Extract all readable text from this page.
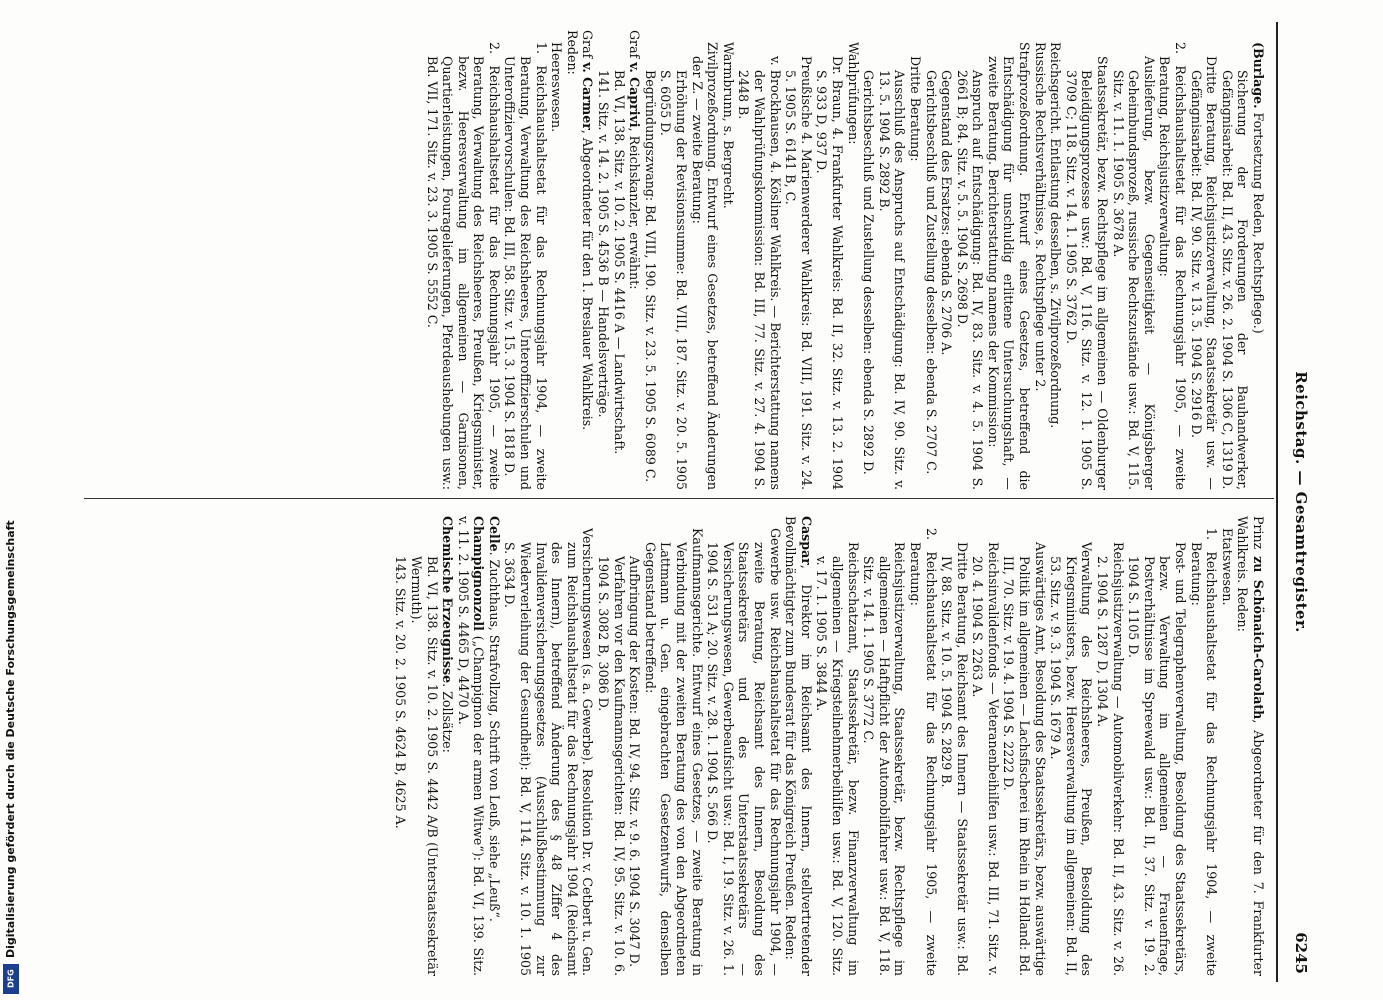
Reichstag. — Gesamtregister.
6245

(Burlage. Fortsetzung Reden, Rechtspflege.)

Sicherung der Forderungen der Bauhandwerker, Gefängnisarbeit: Bd. II, 43. Sitz. v. 26. 2. 1904 S. 1306 C, 1319 D.

Dritte Beratung, Reichsjustizverwaltung, Staatssekretär usw. — Gefängnisarbeit: Bd. IV, 90. Sitz. v. 13. 5. 1904 S. 2916 D.

2. Reichshaushaltsetat für das Rechnungsjahr 1905, — zweite Beratung, Reichsjustizverwaltung:

Auslieferung, bezw. Gegenseitigkeit — Königsberger Geheimbundsprozeß, russische Rechtszustände usw.: Bd. V, 115. Sitz. v. 11. 1. 1905 S. 3678 A.

Staatssekretär, bezw. Rechtspflege im allgemeinen — Oldenburger Beleidigungsprozesse usw.: Bd. V, 116. Sitz. v. 12. 1. 1905 S. 3709 C; 118. Sitz. v. 14. 1. 1905 S. 3762 D.

Reichsgericht. Entlastung desselben, s. Zivilprozeßordnung.

Russische Rechtsverhältnisse, s. Rechtspflege unter 2.

Strafprozeßordnung. Entwurf eines Gesetzes, betreffend die Entschädigung für unschuldig erlittene Untersuchungshaft, — zweite Beratung. Berichterstattung namens der Kommission:

Anspruch auf Entschädigung: Bd. IV, 83. Sitz. v. 4. 5. 1904 S. 2661 B; 84. Sitz. v. 5. 5. 1904 S. 2698 D.

Gegenstand des Ersatzes: ebenda S. 2706 A.

Gerichtsbeschluß und Zustellung desselben: ebenda S. 2707 C.

Dritte Beratung:

Ausschluß des Anspruchs auf Entschädigung: Bd. IV, 90. Sitz. v. 13. 5. 1904 S. 2892 B.

Gerichtsbeschluß und Zustellung desselben: ebenda S. 2892 D.

Wahlprüfungen:

Dr. Braun, 4. Frankfurter Wahlkreis: Bd. II, 32. Sitz. v. 13. 2. 1904 S. 933 D, 937 D.

Preußische 4. Marienwerderer Wahlkreis: Bd. VIII, 191. Sitz. v. 24. 5. 1905 S. 6141 B, C.

v. Brockhausen, 4. Kösliner Wahlkreis. — Berichterstattung namens der Wahlprüfungskommission: Bd. III, 77. Sitz. v. 27. 4. 1904 S. 2448 B.

Warmbrunn, s. Bergrecht.

Zivilprozeßordnung. Entwurf eines Gesetzes, betreffend Änderungen der Z. — zweite Beratung:

Erhöhung der Revisionssumme: Bd. VIII, 187. Sitz. v. 20. 5. 1905 S. 6055 D.

Begründungszwang: Bd. VIII, 190. Sitz. v. 23. 5. 1905 S. 6089 C.

Graf v. Caprivi, Reichskanzler, erwähnt:

Bd. VI, 138. Sitz. v. 10. 2. 1905 S. 4416 A — Landwirtschaft.

141. Sitz. v. 14. 2. 1905 S. 4536 B — Handelsverträge.

Graf v. Carmer, Abgeordneter für den 1. Breslauer Wahlkreis.

Reden:

Heereswesen.

1. Reichshaushaltsetat für das Rechnungsjahr 1904, — zweite Beratung, Verwaltung des Reichsheeres, Unteroffizierschulen und Unteroffiziervorschulen: Bd. III, 58. Sitz. v. 15. 3. 1904 S. 1818 D.

2. Reichshaushaltsetat für das Rechnungsjahr 1905, — zweite Beratung, Verwaltung des Reichsheeres, Preußen, Kriegsminister, bezw. Heeresverwaltung im allgemeinen — Garnisonen, Quartierleistungen, Fouragelieferungen, Pferdeaushebungen usw.: Bd. VII, 171. Sitz. v. 23. 3. 1905 S. 5552 C.

Prinz zu Schönaich-Carolath, Abgeordneter für den 7. Frankfurter Wahlkreis. Reden:

Etatswesen.

1. Reichshaushaltsetat für das Rechnungsjahr 1904, — zweite Beratung:

Post- und Telegraphenverwaltung, Besoldung des Staatssekretärs, bezw. Verwaltung im allgemeinen — Frauenfrage, Postverhältnisse im Spreewald usw.: Bd. II, 37. Sitz. v. 19. 2. 1904 S. 1105 D.

Reichsjustizverwaltung — Automobilverkehr: Bd. II, 43. Sitz. v. 26. 2. 1904 S. 1287 D, 1304 A.

Verwaltung des Reichsheeres, Preußen, Besoldung des Kriegsministers, bezw. Heeresverwaltung im allgemeinen: Bd. II, 53. Sitz. v. 9. 3. 1904 S. 1679 A.

Auswärtiges Amt, Besoldung des Staatssekretärs, bezw. auswärtige Politik im allgemeinen — Lachsfischerei im Rhein in Holland: Bd. III, 70. Sitz. v. 19. 4. 1904 S. 2222 D.

Reichsinvalidenfonds — Veteranenbeihilfen usw.: Bd. III, 71. Sitz. v. 20. 4. 1904 S. 2263 A.

Dritte Beratung, Reichsamt des Innern — Staatssekretär usw.: Bd. IV, 88. Sitz. v. 10. 5. 1904 S. 2829 B.

2. Reichshaushaltsetat für das Rechnungsjahr 1905, — zweite Beratung:

Reichsjustizverwaltung, Staatssekretär, bezw. Rechtspflege im allgemeinen — Haftpflicht der Automobilfahrer usw.: Bd. V, 118. Sitz. v. 14. 1. 1905 S. 3772 C.

Reichsschatzamt, Staatssekretär, bezw. Finanzverwaltung im allgemeinen — Kriegsteilnehmerbeihilfen usw.: Bd. V, 120. Sitz. v. 17. 1. 1905 S. 3844 A.

Caspar, Direktor im Reichsamt des Innern, stellvertretender Bevollmächtigter zum Bundesrat für das Königreich Preußen. Reden:

Gewerbe usw. Reichshaushaltsetat für das Rechnungsjahr 1904, — zweite Beratung, Reichsamt des Innern, Besoldung des Staatssekretärs und des Unterstaatssekretärs — Versicherungswesen, Gewerbeaufsicht usw.: Bd. I, 19. Sitz. v. 26. 1. 1904 S. 531 A; 20. Sitz. v. 28. 1. 1904 S. 566 D.

Kaufmannsgerichte. Entwurf eines Gesetzes, — zweite Beratung in Verbindung mit der zweiten Beratung des von den Abgeordneten Lattmann u. Gen. eingebrachten Gesetzentwurfs, denselben Gegenstand betreffend:

Aufbringung der Kosten: Bd. IV, 94. Sitz. v. 9. 6. 1904 S. 3047 D.

Verfahren vor den Kaufmannsgerichten: Bd. IV, 95. Sitz. v. 10. 6. 1904 S. 3082 B, 3086 D.

Versicherungswesen (s. a. Gewerbe). Resolution Dr. v. Cetbert u. Gen. zum Reichshaushaltsetat für das Rechnungsjahr 1904 (Reichsamt des Innern), betreffend Änderung des § 48 Ziffer 4 des Invalidenversicherungsgesetzes (Ausschlußbestimmung zur Wiederverleihung der Gesundheit): Bd. V, 114. Sitz. v. 10. 1. 1905 S. 3634 D.

Celle. Zuchthaus, Strafvollzug, Schrift von Leuß, siehe „Leuß“.

Champignonzoll („Champignon der armen Witwe“): Bd. VI, 139. Sitz. v. 11. 2. 1905 S. 4465 D, 4470 A.

Chemische Erzeugnisse. Zollsätze:

Bd. VI, 138. Sitz. v. 10. 2. 1905 S. 4442 A/B (Unterstaatssekretär Wermuth).

143. Sitz. v. 20. 2. 1905 S. 4624 B, 4625 A.

Digitalisierung gefördert durch die Deutsche Forschungsgemeinschaft
DFG
